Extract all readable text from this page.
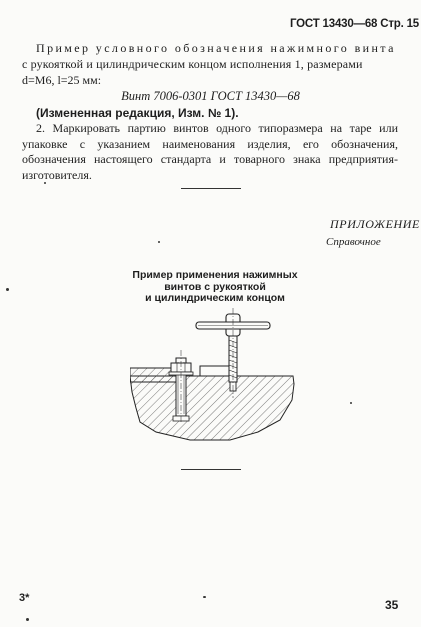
ГОСТ 13430—68 Стр. 15
Пример условного обозначения нажимного винта
с рукояткой и цилиндрическим концом исполнения 1, размерами
d=M6, l=25 мм:
Винт 7006-0301 ГОСТ 13430—68
(Измененная редакция, Изм. № 1).
2. Маркировать партию винтов одного типоразмера на таре или упаковке с указанием наименования изделия, его обозначения, обозначения настоящего стандарта и товарного знака предприятия-изготовителя.
ПРИЛОЖЕНИЕ
Справочное
Пример применения нажимных
винтов с рукояткой
и цилиндрическим концом
3*	35
